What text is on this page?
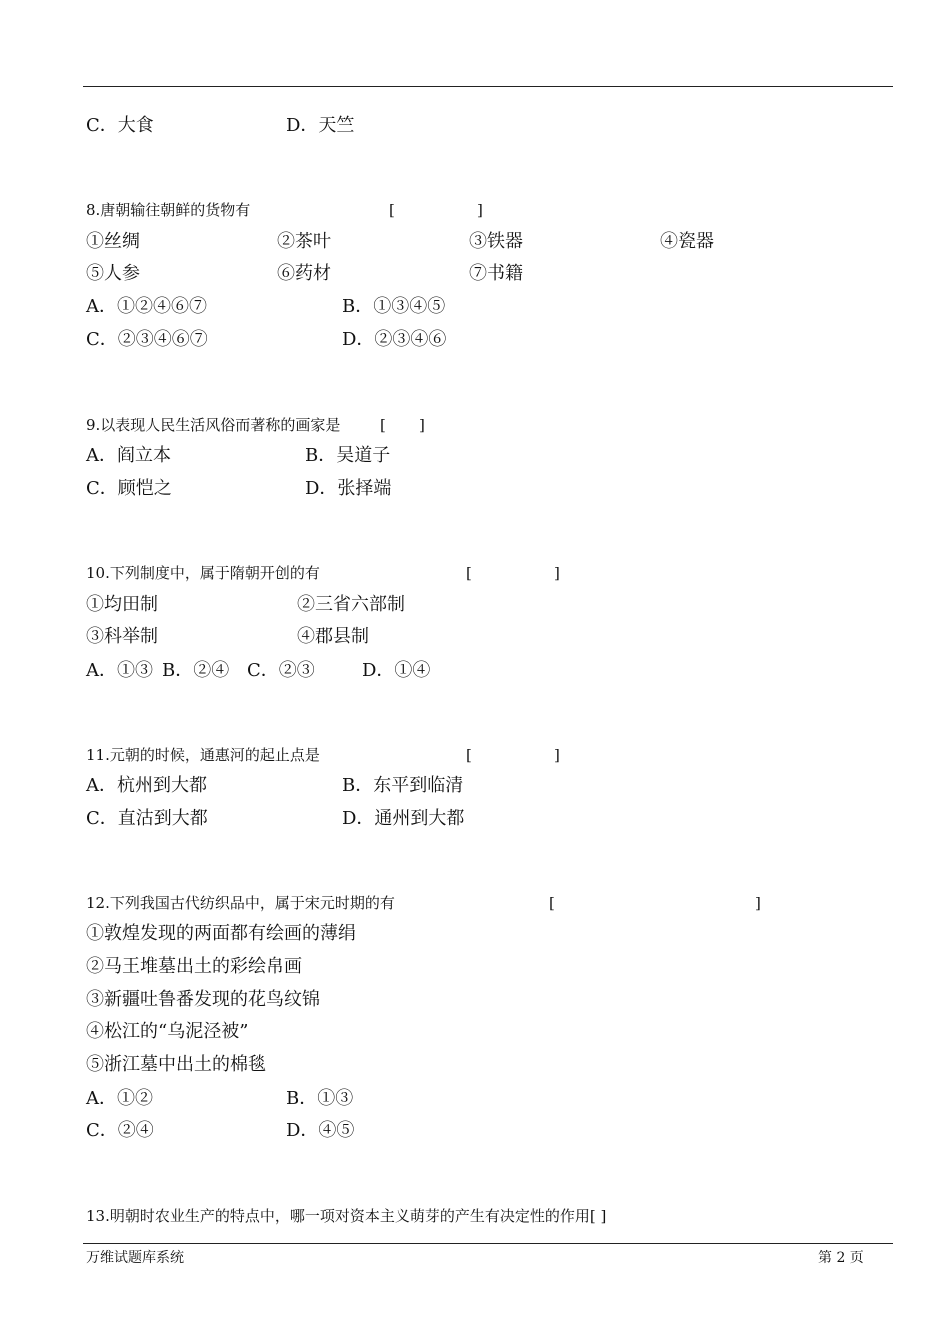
C．大食	D．天竺
8.唐朝输往朝鲜的货物有	[	]
①丝绸	②茶叶	③铁器	④瓷器
⑤人参	⑥药材	⑦书籍
A．①②④⑥⑦	B．①③④⑤
C．②③④⑥⑦	D．②③④⑥
9.以表现人民生活风俗而著称的画家是	[ ]
A．阎立本	B．吴道子
C．顾恺之	D．张择端
10.下列制度中，属于隋朝开创的有	[	]
①均田制	②三省六部制
③科举制	④郡县制
A．①③ B．②④ C．②③	D．①④
11.元朝的时候，通惠河的起止点是	[	]
A．杭州到大都	B．东平到临清
C．直沽到大都	D．通州到大都
12.下列我国古代纺织品中，属于宋元时期的有	[	]
①敦煌发现的两面都有绘画的薄绢
②马王堆墓出土的彩绘帛画
③新疆吐鲁番发现的花鸟纹锦
④松江的“乌泥泾被”
⑤浙江墓中出土的棉毯
A．①②	B．①③
C．②④	D．④⑤
13.明朝时农业生产的特点中，哪一项对资本主义萌芽的产生有决定性的作用[ ]
万维试题库系统	第 2 页
